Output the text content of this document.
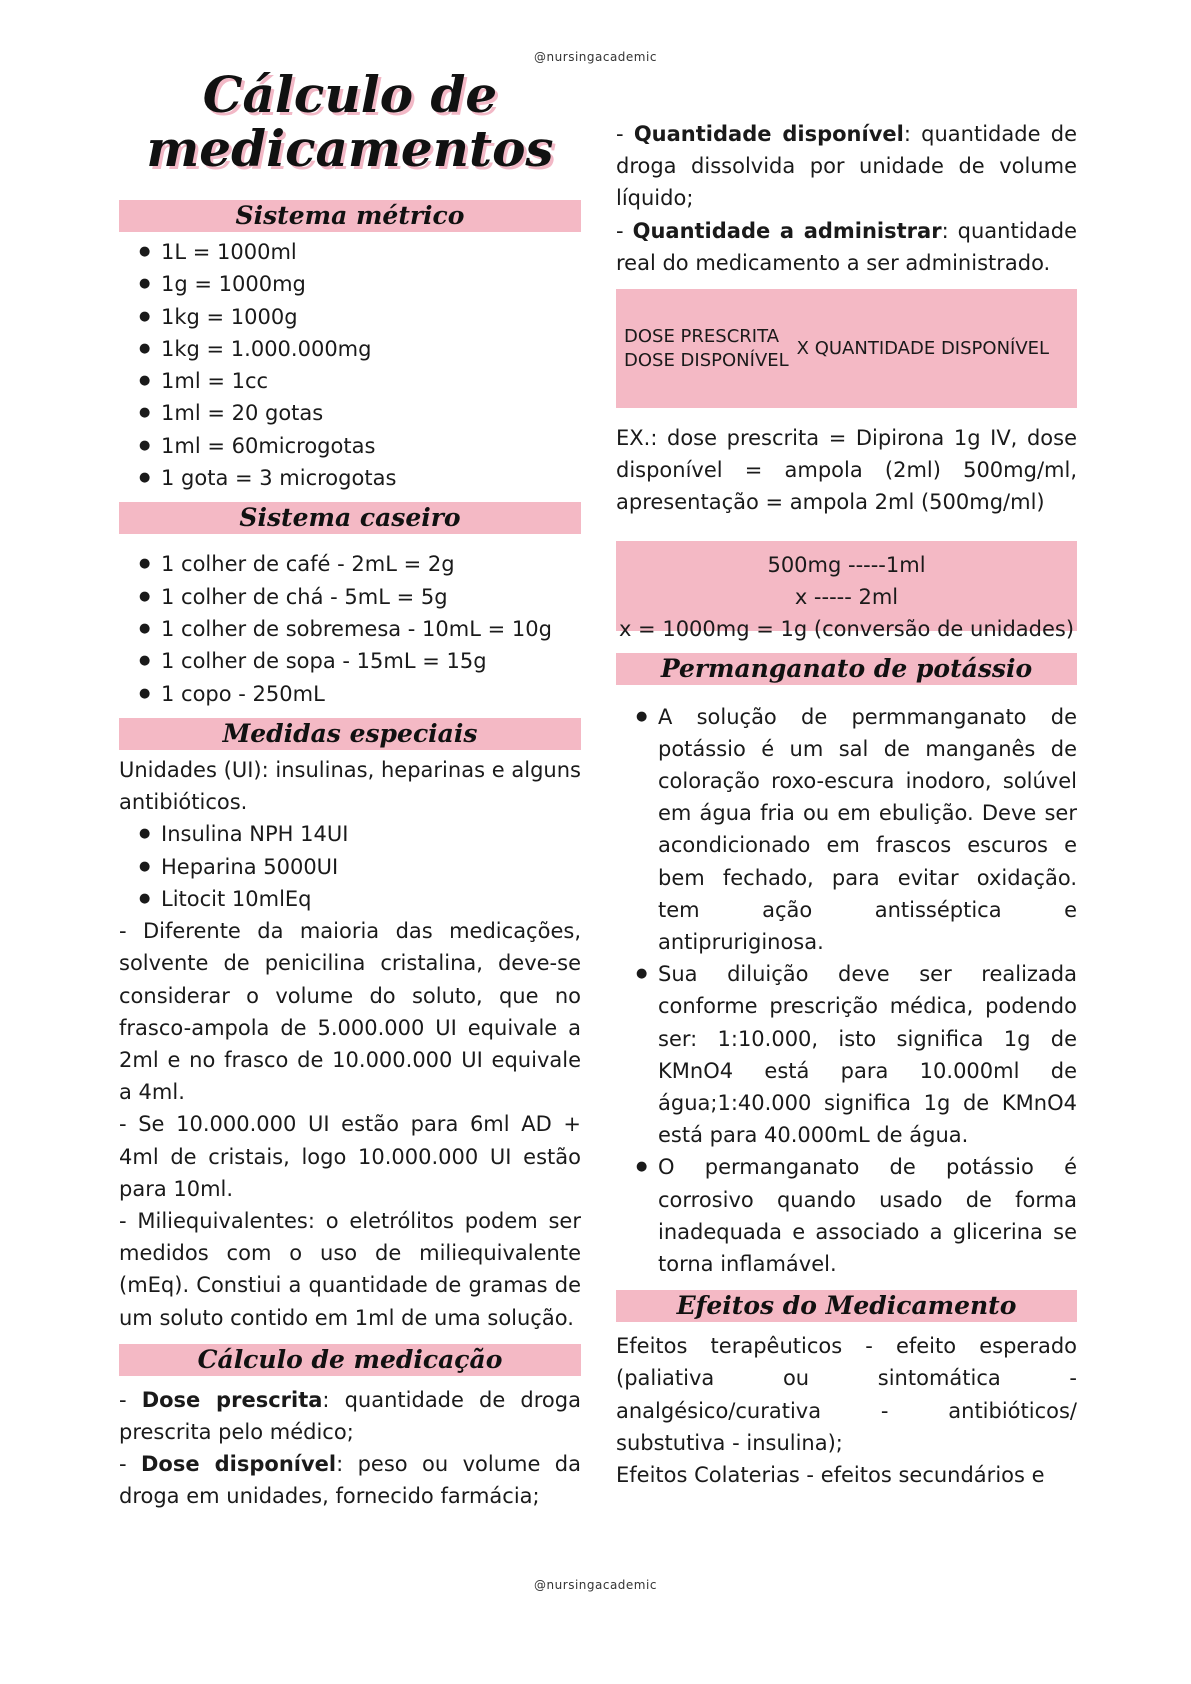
@nursingacademic
Cálculo de
medicamentos
Sistema métrico
● 1L = 1000ml
● 1g = 1000mg
● 1kg = 1000g
● 1kg = 1.000.000mg
● 1ml = 1cc
● 1ml = 20 gotas
● 1ml = 60microgotas
● 1 gota = 3 microgotas
Sistema caseiro
● 1 colher de café - 2mL = 2g
● 1 colher de chá - 5mL = 5g
● 1 colher de sobremesa - 10mL = 10g
● 1 colher de sopa - 15mL = 15g
● 1 copo - 250mL
Medidas especiais

Unidades (UI): insulinas, heparinas e alguns antibióticos.

● Insulina NPH 14UI
● Heparina 5000UI
● Litocit 10mlEq

- Diferente da maioria das medicações, solvente de penicilina cristalina, deve-se considerar o volume do soluto, que no frasco-ampola de 5.000.000 UI equivale a 2ml e no frasco de 10.000.000 UI equivale a 4ml.

- Se 10.000.000 UI estão para 6ml AD + 4ml de cristais, logo 10.000.000 UI estão para 10ml.

- Miliequivalentes: o eletrólitos podem ser medidos com o uso de miliequivalente (mEq). Constiui a quantidade de gramas de um soluto contido em 1ml de uma solução.

Cálculo de medicação

- Dose prescrita: quantidade de droga prescrita pelo médico;

- Dose disponível: peso ou volume da droga em unidades, fornecido farmácia;

- Quantidade disponível: quantidade de droga dissolvida por unidade de volume líquido;

- Quantidade a administrar: quantidade real do medicamento a ser administrado.

DOSE PRESCRITA
DOSE DISPONÍVEL
X QUANTIDADE DISPONÍVEL

EX.: dose prescrita = Dipirona 1g IV, dose disponível = ampola (2ml) 500mg/ml, apresentação = ampola 2ml (500mg/ml)

500mg -----1ml
x ----- 2ml
x = 1000mg = 1g (conversão de unidades)
Permanganato de potássio
● A solução de permmanganato de potássio é um sal de manganês de coloração roxo-escura inodoro, solúvel em água fria ou em ebulição. Deve ser acondicionado em frascos escuros e bem fechado, para evitar oxidação. tem ação antisséptica e antipruriginosa.
● Sua diluição deve ser realizada conforme prescrição médica, podendo ser: 1:10.000, isto significa 1g de KMnO4 está para 10.000ml de água;1:40.000 significa 1g de KMnO4 está para 40.000mL de água.
● O permanganato de potássio é corrosivo quando usado de forma inadequada e associado a glicerina se torna inflamável.
Efeitos do Medicamento

Efeitos terapêuticos - efeito esperado (paliativa ou sintomática - analgésico/curativa - antibióticos/ substutiva - insulina);

Efeitos Colaterias - efeitos secundários e

@nursingacademic
